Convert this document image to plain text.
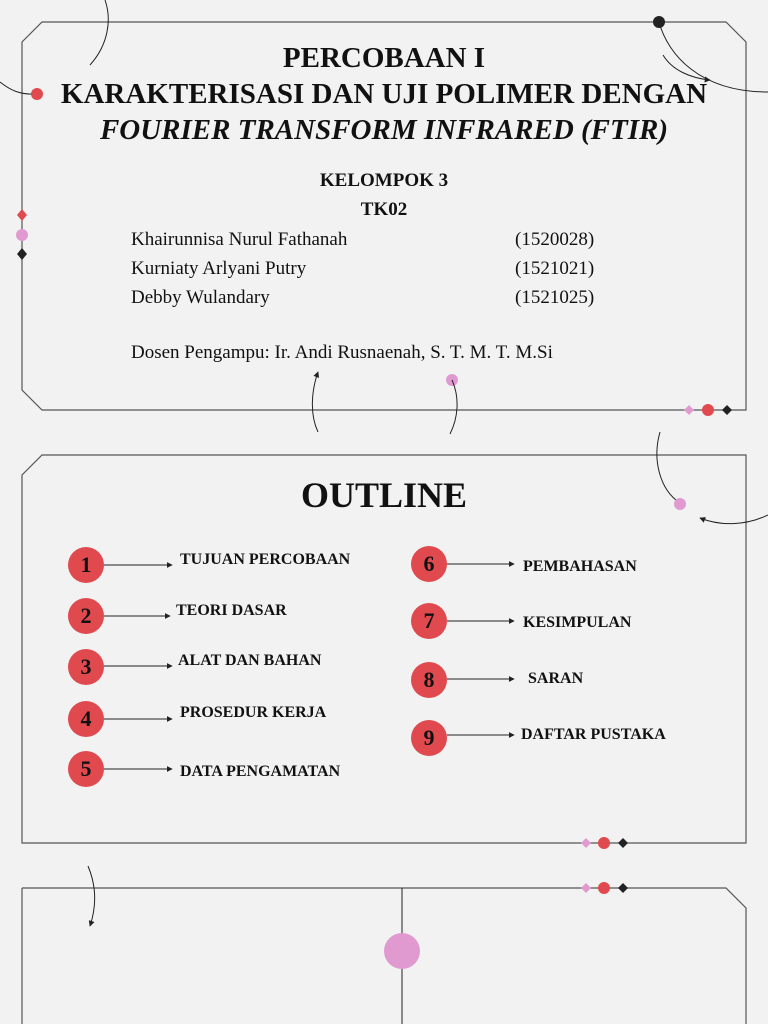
PERCOBAAN I
KARAKTERISASI DAN UJI POLIMER DENGAN
FOURIER TRANSFORM INFRARED (FTIR)
KELOMPOK 3
TK02
Khairunnisa Nurul Fathanah	(1520028)
Kurniaty Arlyani Putry	(1521021)
Debby Wulandary	(1521025)
Dosen Pengampu: Ir. Andi Rusnaenah, S. T. M. T. M.Si
OUTLINE
1	TUJUAN PERCOBAAN
2	TEORI DASAR
3	ALAT DAN BAHAN
4	PROSEDUR KERJA
5	DATA PENGAMATAN
6	PEMBAHASAN
7	KESIMPULAN
8	SARAN
9	DAFTAR PUSTAKA
